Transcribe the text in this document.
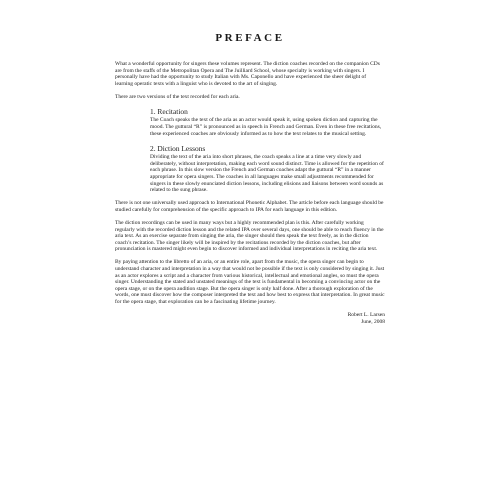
PREFACE

What a wonderful opportunity for singers these volumes represent. The diction coaches recorded on the companion CDs are from the staffs of the Metropolitan Opera and The Juilliard School, whose specialty is working with singers. I personally have had the opportunity to study Italian with Ms. Caponello and have experienced the sheer delight of learning operatic texts with a linguist who is devoted to the art of singing.

There are two versions of the text recorded for each aria.

1. Recitation

The Coach speaks the text of the aria as an actor would speak it, using spoken diction and capturing the mood. The guttural “R” is pronounced as in speech in French and German. Even in these free recitations, these experienced coaches are obviously informed as to how the text relates to the musical setting.

2. Diction Lessons

Dividing the text of the aria into short phrases, the coach speaks a line at a time very slowly and deliberately, without interpretation, making each word sound distinct. Time is allowed for the repetition of each phrase. In this slow version the French and German coaches adapt the guttural “R” in a manner appropriate for opera singers. The coaches in all languages make small adjustments recommended for singers in these slowly enunciated diction lessons, including elisions and liaisons between word sounds as related to the sung phrase.

There is not one universally used approach to International Phonetic Alphabet. The article before each language should be studied carefully for comprehension of the specific approach to IPA for each language in this edition.

The diction recordings can be used in many ways but a highly recommended plan is this. After carefully working regularly with the recorded diction lesson and the related IPA over several days, one should be able to reach fluency in the aria text. As an exercise separate from singing the aria, the singer should then speak the text freely, as in the diction coach’s recitation. The singer likely will be inspired by the recitations recorded by the diction coaches, but after pronunciation is mastered might even begin to discover informed and individual interpretations in reciting the aria text.

By paying attention to the libretto of an aria, or an entire role, apart from the music, the opera singer can begin to understand character and interpretation in a way that would not be possible if the text is only considered by singing it. Just as an actor explores a script and a character from various historical, intellectual and emotional angles, so must the opera singer. Understanding the stated and unstated meanings of the text is fundamental in becoming a convincing actor on the opera stage, or on the opera audition stage. But the opera singer is only half done. After a thorough exploration of the words, one must discover how the composer interpreted the text and how best to express that interpretation. In great music for the opera stage, that exploration can be a fascinating lifetime journey.

Robert L. Larsen
June, 2008
